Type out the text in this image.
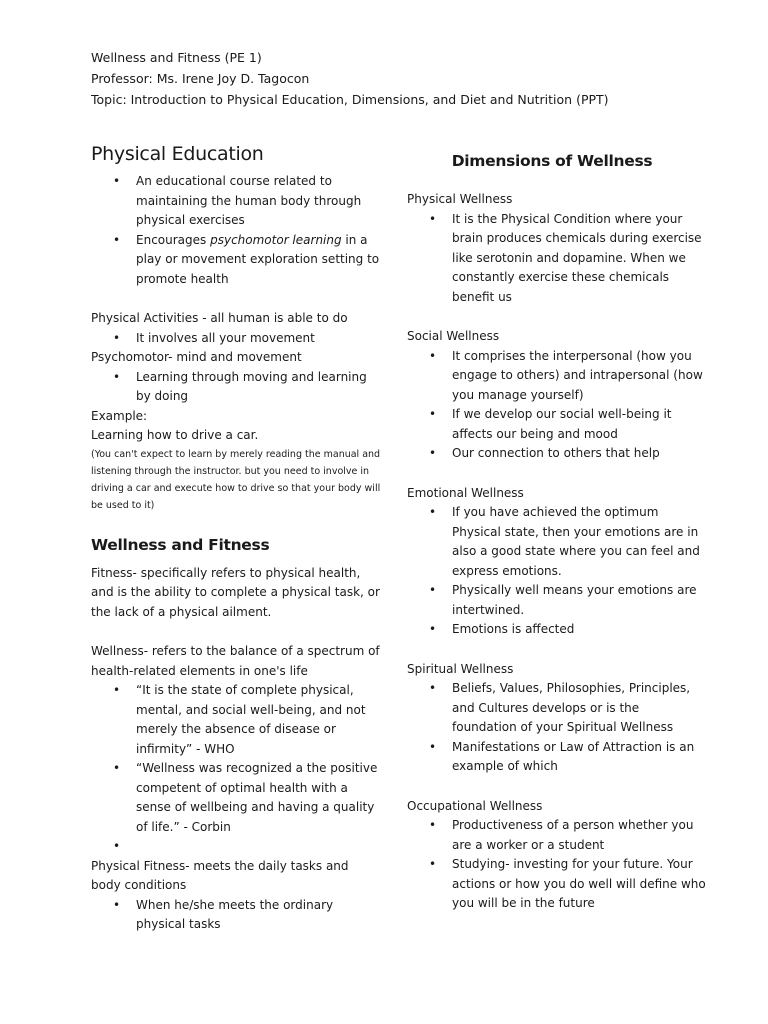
Wellness and Fitness (PE 1)
Professor: Ms. Irene Joy D. Tagocon
Topic: Introduction to Physical Education, Dimensions, and Diet and Nutrition (PPT)
Physical Education
• An educational course related to maintaining the human body through physical exercises
• Encourages psychomotor learning in a play or movement exploration setting to promote health

Physical Activities - all human is able to do

• It involves all your movement

Psychomotor- mind and movement

• Learning through moving and learning by doing

Example:

Learning how to drive a car.

(You can't expect to learn by merely reading the manual and listening through the instructor. but you need to involve in driving a car and execute how to drive so that your body will be used to it)

Wellness and Fitness

Fitness- specifically refers to physical health, and is the ability to complete a physical task, or the lack of a physical ailment.

Wellness- refers to the balance of a spectrum of health-related elements in one's life

• “It is the state of complete physical, mental, and social well-being, and not merely the absence of disease or infirmity” - WHO
• “Wellness was recognized a the positive competent of optimal health with a sense of wellbeing and having a quality of life.” - Corbin
•

Physical Fitness- meets the daily tasks and body conditions

• When he/she meets the ordinary physical tasks
Dimensions of Wellness

Physical Wellness

• It is the Physical Condition where your brain produces chemicals during exercise like serotonin and dopamine. When we constantly exercise these chemicals benefit us

Social Wellness

• It comprises the interpersonal (how you engage to others) and intrapersonal (how you manage yourself)
• If we develop our social well-being it affects our being and mood
• Our connection to others that help

Emotional Wellness

• If you have achieved the optimum Physical state, then your emotions are in also a good state where you can feel and express emotions.
• Physically well means your emotions are intertwined.
• Emotions is affected

Spiritual Wellness

• Beliefs, Values, Philosophies, Principles, and Cultures develops or is the foundation of your Spiritual Wellness
• Manifestations or Law of Attraction is an example of which

Occupational Wellness

• Productiveness of a person whether you are a worker or a student
• Studying- investing for your future. Your actions or how you do well will define who you will be in the future
